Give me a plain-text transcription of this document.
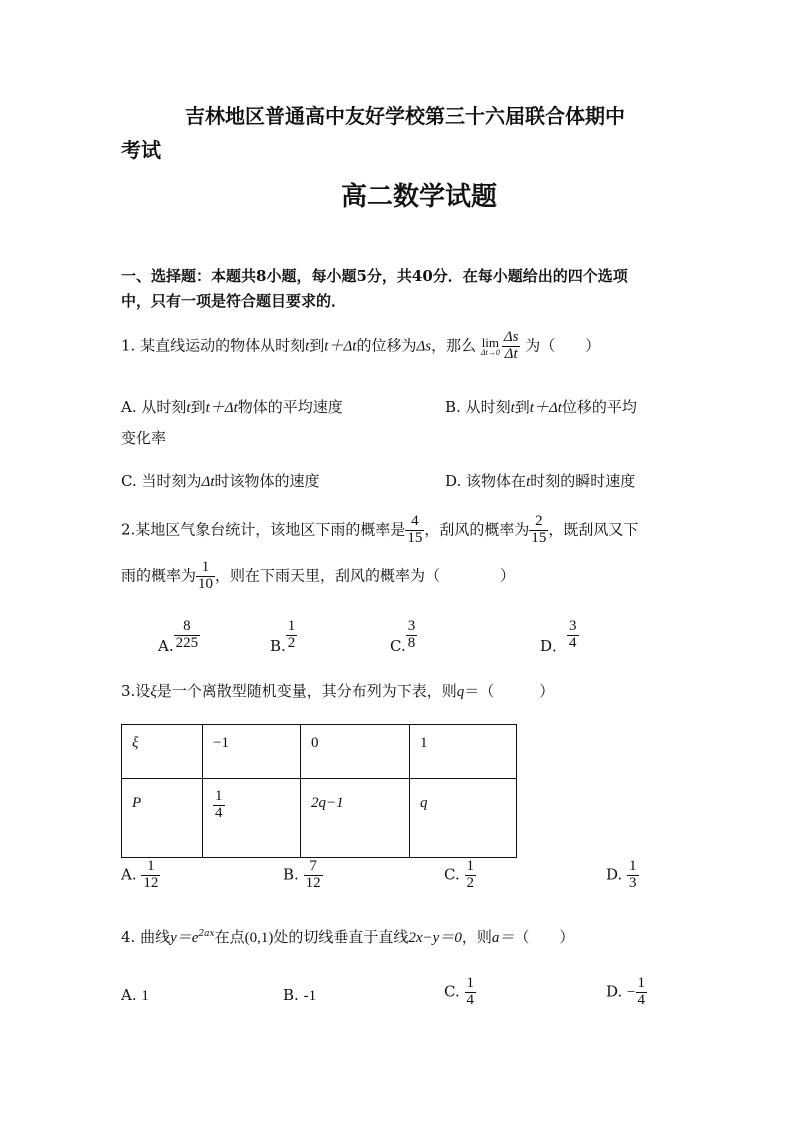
吉林地区普通高中友好学校第三十六届联合体期中
考试
高二数学试题
一、选择题：本题共8小题，每小题5分，共40分．在每小题给出的四个选项
中，只有一项是符合题目要求的．
1. 某直线运动的物体从时刻t到t＋Δt的位移为Δs，那么 lim
$\Delta t\to 0 \frac{\Delta s}{\Delta t}$ 为（　　）
A. 从时刻t到t＋Δt物体的平均速度	B. 从时刻t到t＋Δt位移的平均
变化率
C. 当时刻为Δt时该物体的速度	D. 该物体在t时刻的瞬时速度
2.某地区气象台统计，该地区下雨的概率是 $\frac{4}{15}$ ，刮风的概率为 $\frac{2}{15}$ ，既刮风又下
雨的概率为 $\frac{1}{10}$ ，则在下雨天里，刮风的概率为（　　　　）
A. $\frac{8}{225}$	B. $\frac{1}{2}$	C. $\frac{3}{8}$	D． $\frac{3}{4}$
3.设ξ是一个离散型随机变量，其分布列为下表，则q＝（　　　）
ξ	−1	0	1
P	$\frac{1}{4}$	2q−1	q
A. $\frac{1}{12}$	B. $\frac{7}{12}$	C. $\frac{1}{2}$	D. $\frac{1}{3}$
4. 曲线$y=e^{2ax}$在点(0,1)处的切线垂直于直线2x−y＝0，则a＝（　　）
A. 1	B. -1	C. $\frac{1}{4}$	D. − $\frac{1}{4}$
